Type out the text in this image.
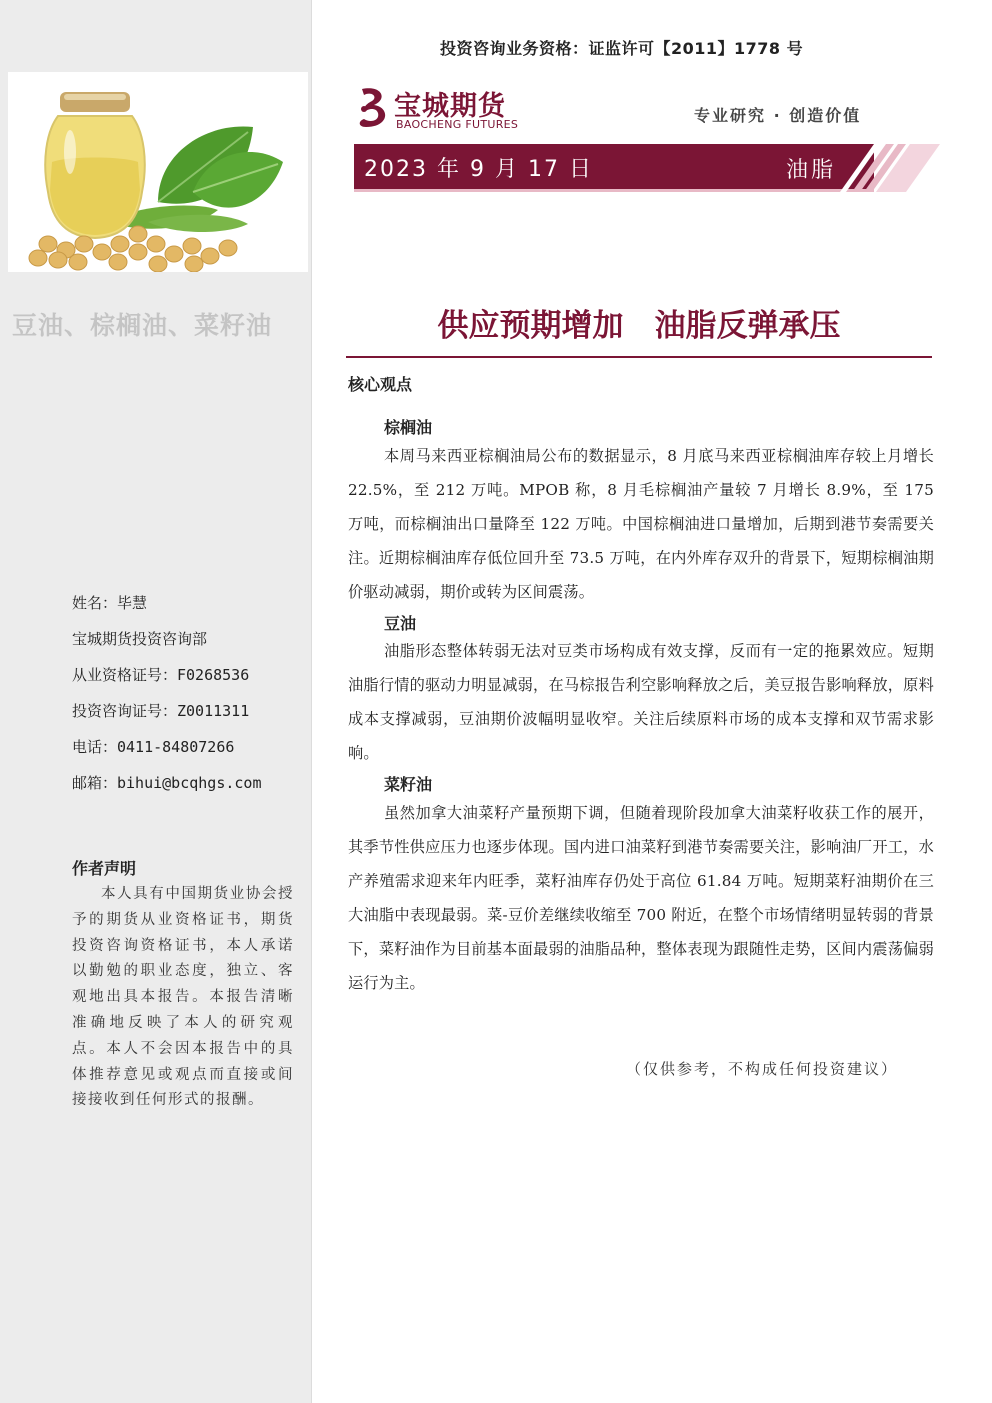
豆油、棕榈油、菜籽油
姓名：毕慧
宝城期货投资咨询部
从业资格证号：F0268536
投资咨询证号：Z0011311
电话：0411-84807266
邮箱：bihui@bcqhgs.com
作者声明
本人具有中国期货业协会授予的期货从业资格证书，期货投资咨询资格证书，本人承诺以勤勉的职业态度，独立、客观地出具本报告。本报告清晰准确地反映了本人的研究观点。本人不会因本报告中的具体推荐意见或观点而直接或间接接收到任何形式的报酬。
投资咨询业务资格：证监许可【2011】1778 号
宝城期货
BAOCHENG FUTURES	专业研究 · 创造价值
2023 年 9 月 17 日	油脂
供应预期增加　油脂反弹承压
核心观点
棕榈油
本周马来西亚棕榈油局公布的数据显示，8 月底马来西亚棕榈油库存较上月增长 22.5%，至 212 万吨。MPOB 称，8 月毛棕榈油产量较 7 月增长 8.9%，至 175 万吨，而棕榈油出口量降至 122 万吨。中国棕榈油进口量增加，后期到港节奏需要关注。近期棕榈油库存低位回升至 73.5 万吨，在内外库存双升的背景下，短期棕榈油期价驱动减弱，期价或转为区间震荡。
豆油
油脂形态整体转弱无法对豆类市场构成有效支撑，反而有一定的拖累效应。短期油脂行情的驱动力明显减弱，在马棕报告利空影响释放之后，美豆报告影响释放，原料成本支撑减弱，豆油期价波幅明显收窄。关注后续原料市场的成本支撑和双节需求影响。
菜籽油
虽然加拿大油菜籽产量预期下调，但随着现阶段加拿大油菜籽收获工作的展开，其季节性供应压力也逐步体现。国内进口油菜籽到港节奏需要关注，影响油厂开工，水产养殖需求迎来年内旺季，菜籽油库存仍处于高位 61.84 万吨。短期菜籽油期价在三大油脂中表现最弱。菜-豆价差继续收缩至 700 附近，在整个市场情绪明显转弱的背景下，菜籽油作为目前基本面最弱的油脂品种，整体表现为跟随性走势，区间内震荡偏弱运行为主。
（仅供参考，不构成任何投资建议）
